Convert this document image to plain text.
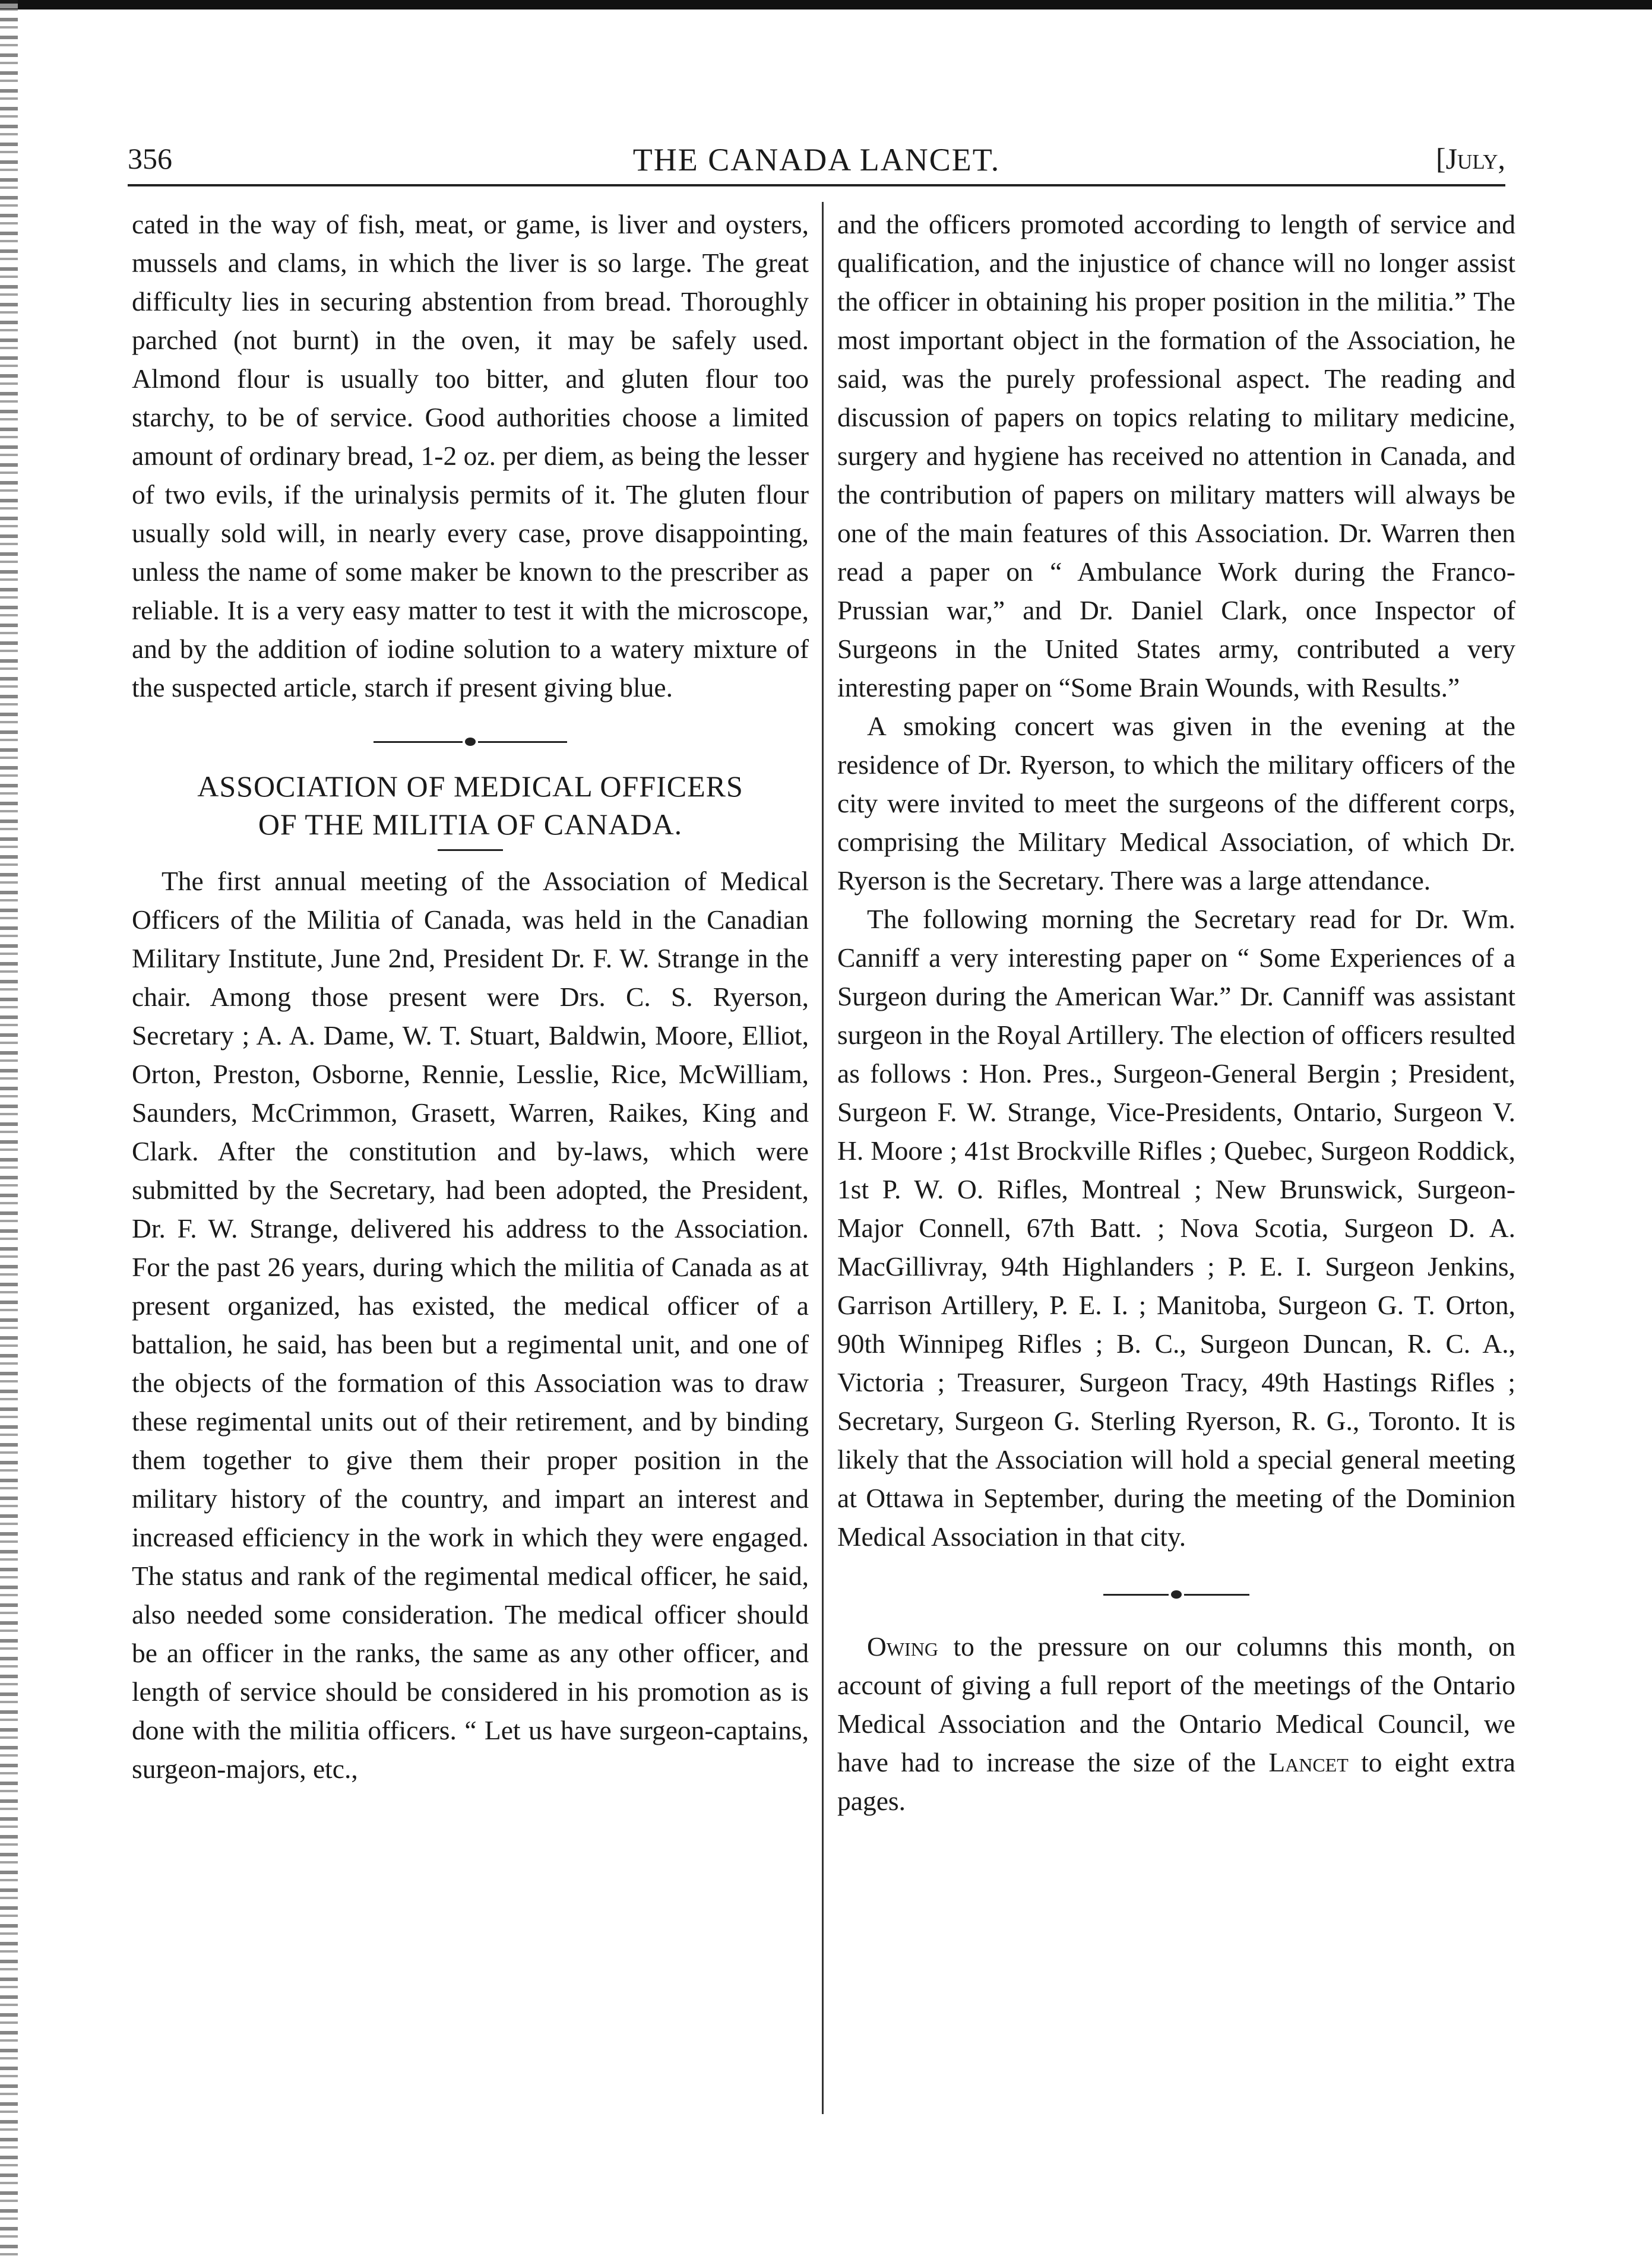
356	THE CANADA LANCET.	[July,

cated in the way of fish, meat, or game, is liver and oysters, mussels and clams, in which the liver is so large. The great difficulty lies in securing abstention from bread. Thoroughly parched (not burnt) in the oven, it may be safely used. Almond flour is usually too bitter, and gluten flour too starchy, to be of service. Good authorities choose a limited amount of ordinary bread, 1-2 oz. per diem, as being the lesser of two evils, if the urinalysis permits of it. The gluten flour usually sold will, in nearly every case, prove disappointing, unless the name of some maker be known to the prescriber as reliable. It is a very easy matter to test it with the microscope, and by the addition of iodine solution to a watery mixture of the suspected article, starch if present giving blue.

ASSOCIATION OF MEDICAL OFFICERS
OF THE MILITIA OF CANADA.

The first annual meeting of the Association of Medical Officers of the Militia of Canada, was held in the Canadian Military Institute, June 2nd, President Dr. F. W. Strange in the chair. Among those present were Drs. C. S. Ryerson, Secretary ; A. A. Dame, W. T. Stuart, Baldwin, Moore, Elliot, Orton, Preston, Osborne, Rennie, Lesslie, Rice, McWilliam, Saunders, McCrimmon, Grasett, Warren, Raikes, King and Clark. After the constitution and by-laws, which were submitted by the Secretary, had been adopted, the President, Dr. F. W. Strange, delivered his address to the Association. For the past 26 years, during which the militia of Canada as at present organized, has existed, the medical officer of a battalion, he said, has been but a regimental unit, and one of the objects of the formation of this Association was to draw these regimental units out of their retirement, and by binding them together to give them their proper position in the military history of the country, and impart an interest and increased efficiency in the work in which they were engaged. The status and rank of the regimental medical officer, he said, also needed some consideration. The medical officer should be an officer in the ranks, the same as any other officer, and length of service should be considered in his promotion as is done with the militia officers. “ Let us have surgeon-captains, surgeon-majors, etc.,

and the officers promoted according to length of service and qualification, and the injustice of chance will no longer assist the officer in obtaining his proper position in the militia.” The most important object in the formation of the Association, he said, was the purely professional aspect. The reading and discussion of papers on topics relating to military medicine, surgery and hygiene has received no attention in Canada, and the contribution of papers on military matters will always be one of the main features of this Association. Dr. Warren then read a paper on “ Ambulance Work during the Franco-Prussian war,” and Dr. Daniel Clark, once Inspector of Surgeons in the United States army, contributed a very interesting paper on “Some Brain Wounds, with Results.”

A smoking concert was given in the evening at the residence of Dr. Ryerson, to which the military officers of the city were invited to meet the surgeons of the different corps, comprising the Military Medical Association, of which Dr. Ryerson is the Secretary. There was a large attendance.

The following morning the Secretary read for Dr. Wm. Canniff a very interesting paper on “ Some Experiences of a Surgeon during the American War.” Dr. Canniff was assistant surgeon in the Royal Artillery. The election of officers resulted as follows : Hon. Pres., Surgeon-General Bergin ; President, Surgeon F. W. Strange, Vice-Presidents, Ontario, Surgeon V. H. Moore ; 41st Brockville Rifles ; Quebec, Surgeon Roddick, 1st P. W. O. Rifles, Montreal ; New Brunswick, Surgeon-Major Connell, 67th Batt. ; Nova Scotia, Surgeon D. A. MacGillivray, 94th Highlanders ; P. E. I. Surgeon Jenkins, Garrison Artillery, P. E. I. ; Manitoba, Surgeon G. T. Orton, 90th Winnipeg Rifles ; B. C., Surgeon Duncan, R. C. A., Victoria ; Treasurer, Surgeon Tracy, 49th Hastings Rifles ; Secretary, Surgeon G. Sterling Ryerson, R. G., Toronto. It is likely that the Association will hold a special general meeting at Ottawa in September, during the meeting of the Dominion Medical Association in that city.

Owing to the pressure on our columns this month, on account of giving a full report of the meetings of the Ontario Medical Association and the Ontario Medical Council, we have had to increase the size of the Lancet to eight extra pages.
